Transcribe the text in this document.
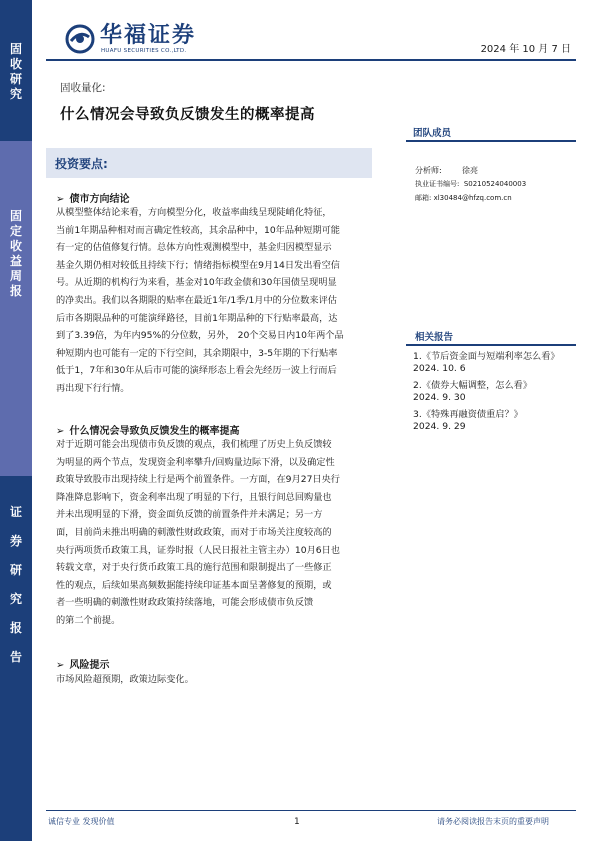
固
收
研
究
固
定
收
益
周
报
证
券
研
究
报
告
华福证券
HUAFU SECURITIES CO.,LTD.	2024 年 10 月 7 日
固收量化:
什么情况会导致负反馈发生的概率提高
团队成员
投资要点:
➢ 债市方向结论
从模型整体结论来看，方向模型分化，收益率曲线呈现陡峭化特征，
当前1年期品种相对而言确定性较高，其余品种中，10年品种短期可能
有一定的估值修复行情。总体方向性观测模型中，基金归因模型显示
基金久期仍相对较低且持续下行；情绪指标模型在9月14日发出看空信
号。从近期的机构行为来看，基金对10年政金债和30年国债呈现明显
的净卖出。我们以各期限的贴率在最近1年/1季/1月中的分位数来评估
后市各期限品种的可能演绎路径，目前1年期品种的下行贴率最高，达
到了3.39倍，为年内95%的分位数，另外， 20个交易日内10年两个品
种短期内也可能有一定的下行空间，其余期限中，3-5年期的下行贴率
低于1，7年和30年从后市可能的演绎形态上看会先经历一波上行而后
再出现下行行情。
➢ 什么情况会导致负反馈发生的概率提高
对于近期可能会出现债市负反馈的观点，我们梳理了历史上负反馈较
为明显的两个节点，发现资金利率攀升/回购量边际下滑，以及确定性
政策导致股市出现持续上行是两个前置条件。一方面，在9月27日央行
降准降息影响下，资金利率出现了明显的下行，且银行间总回购量也
并未出现明显的下滑，资金面负反馈的前置条件并未满足；另一方
面，目前尚未推出明确的刺激性财政政策，而对于市场关注度较高的
央行两项货币政策工具，证券时报（人民日报社主管主办）10月6日也
转载文章，对于央行货币政策工具的施行范围和限制提出了一些修正
性的观点，后续如果高频数据能持续印证基本面呈著修复的预期，或
者一些明确的刺激性财政政策持续落地，可能会形成债市负反馈
的第二个前提。
➢ 风险提示
市场风险超预期，政策边际变化。
分析师:	徐亮
执业证书编号: S0210524040003
邮箱: xl30484@hfzq.com.cn
相关报告
1.《节后资金面与短端利率怎么看》
2024. 10. 6
2.《债券大幅调整，怎么看》
2024. 9. 30
3.《特殊再融资债重启？》
2024. 9. 29
诚信专业 发现价值	1	请务必阅读报告末页的重要声明
